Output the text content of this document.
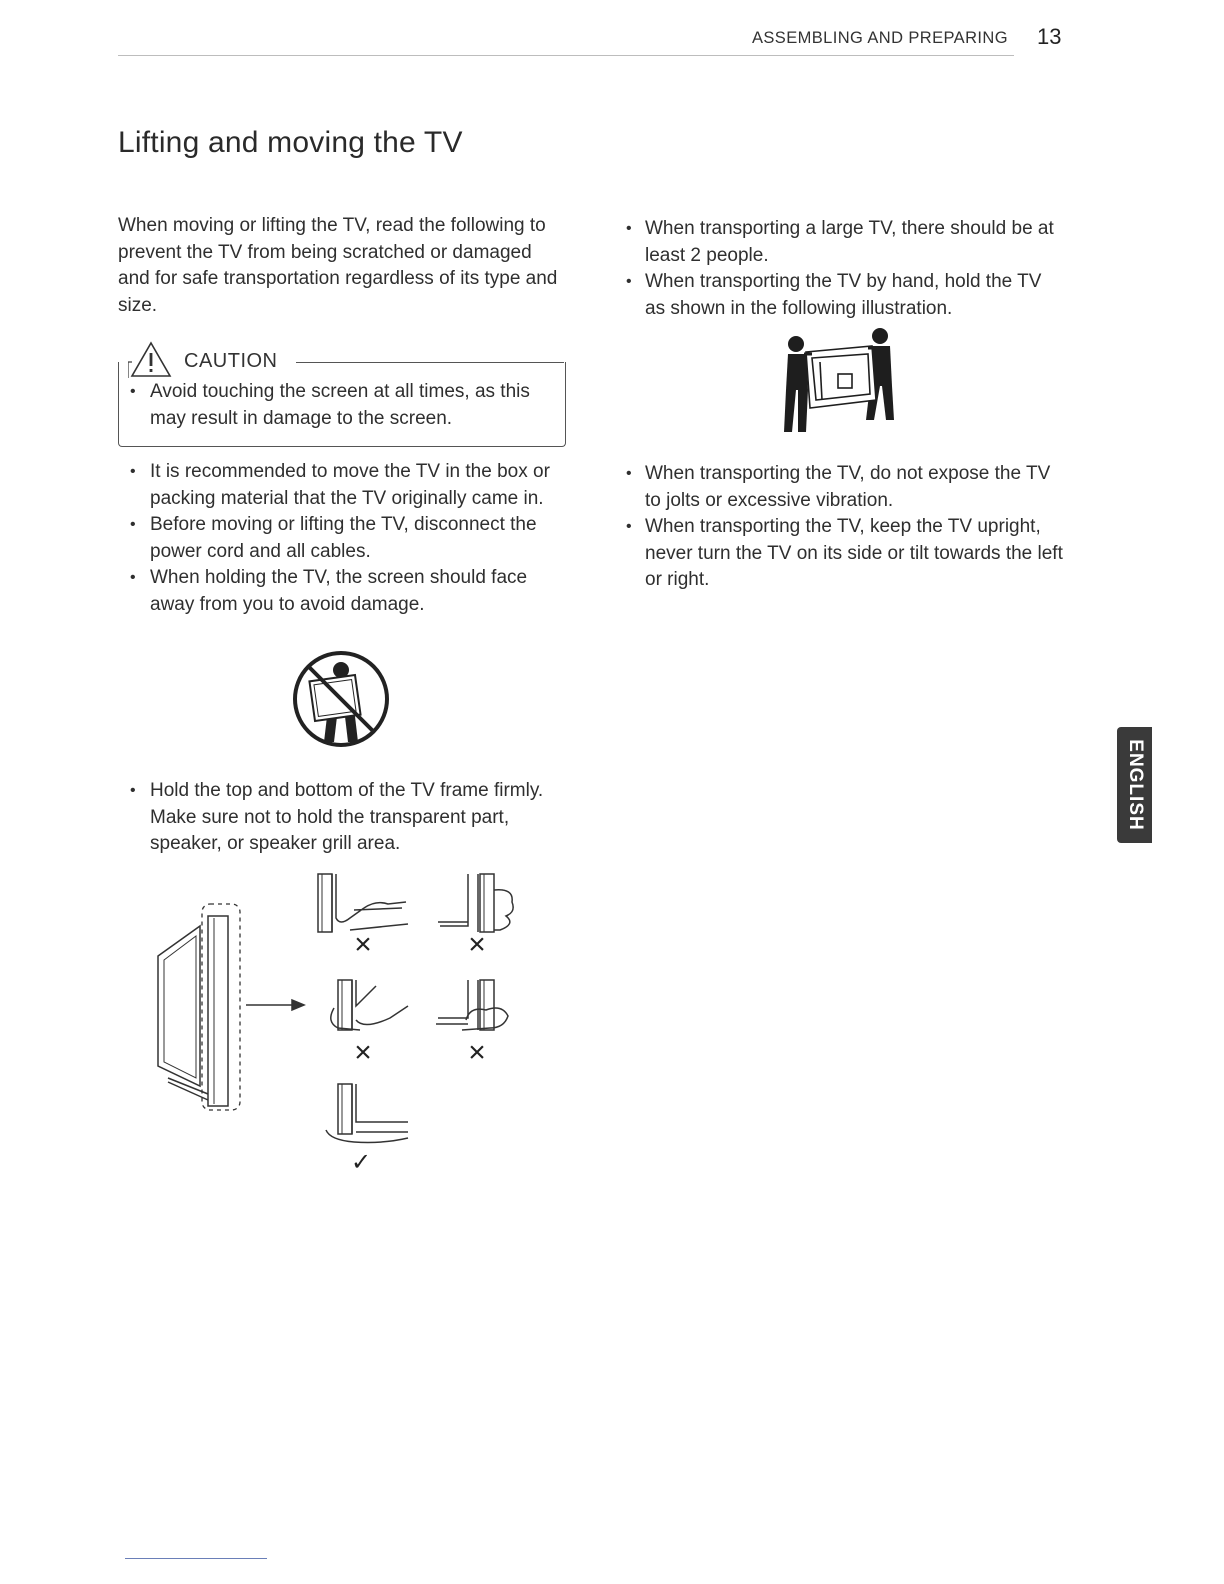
ASSEMBLING AND PREPARING 13
Lifting and moving the TV
When moving or lifting the TV, read the following to prevent the TV from being scratched or damaged and for safe transportation regardless of its type and size.
CAUTION
• Avoid touching the screen at all times, as this may result in damage to the screen.
• It is recommended to move the TV in the box or packing material that the TV originally came in.
• Before moving or lifting the TV, disconnect the power cord and all cables.
• When holding the TV, the screen should face away from you to avoid damage.
• Hold the top and bottom of the TV frame firmly. Make sure not to hold the transparent part, speaker, or speaker grill area.
×	×
×	×
✓
• When transporting a large TV, there should be at least 2 people.
• When transporting the TV by hand, hold the TV as shown in the following illustration.
• When transporting the TV, do not expose the TV to jolts or excessive vibration.
• When transporting the TV, keep the TV upright, never turn the TV on its side or tilt towards the left or right.
ENGLISH
